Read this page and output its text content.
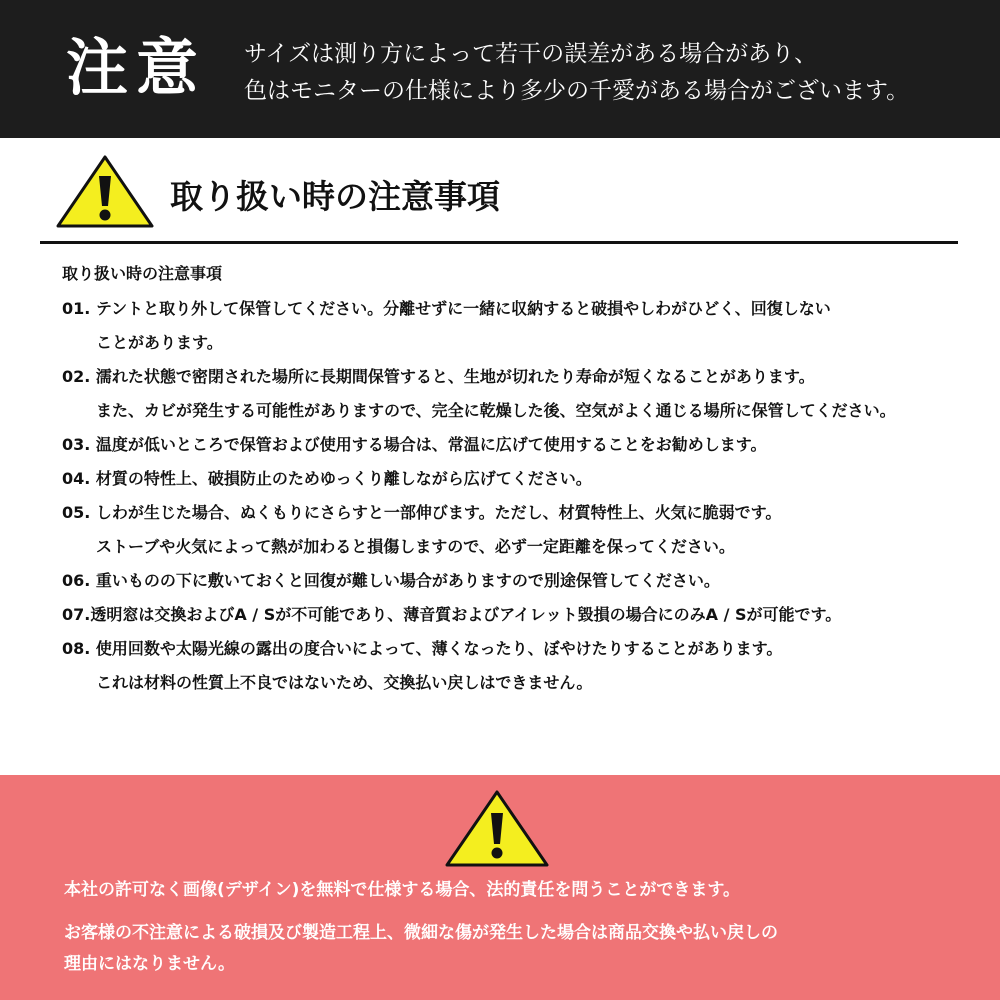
注意 サイズは測り方によって若干の誤差がある場合があり、
色はモニターの仕様により多少の千愛がある場合がございます。
取り扱い時の注意事項
取り扱い時の注意事項
01. テントと取り外して保管してください。分離せずに一緒に収納すると破損やしわがひどく、回復しない
ことがあります。
02. 濡れた状態で密閉された場所に長期間保管すると、生地が切れたり寿命が短くなることがあります。
また、カビが発生する可能性がありますので、完全に乾燥した後、空気がよく通じる場所に保管してください。
03. 温度が低いところで保管および使用する場合は、常温に広げて使用することをお勧めします。
04. 材質の特性上、破損防止のためゆっくり離しながら広げてください。
05. しわが生じた場合、ぬくもりにさらすと一部伸びます。ただし、材質特性上、火気に脆弱です。
ストーブや火気によって熱が加わると損傷しますので、必ず一定距離を保ってください。
06. 重いものの下に敷いておくと回復が難しい場合がありますので別途保管してください。
07.透明窓は交換およびA / Sが不可能であり、薄音質およびアイレット毀損の場合にのみA / Sが可能です。
08. 使用回数や太陽光線の露出の度合いによって、薄くなったり、ぼやけたりすることがあります。
これは材料の性質上不良ではないため、交換払い戻しはできません。
本社の許可なく画像(デザイン)を無料で仕様する場合、法的責任を問うことができます。
お客様の不注意による破損及び製造工程上、微細な傷が発生した場合は商品交換や払い戻しの
理由にはなりません。
